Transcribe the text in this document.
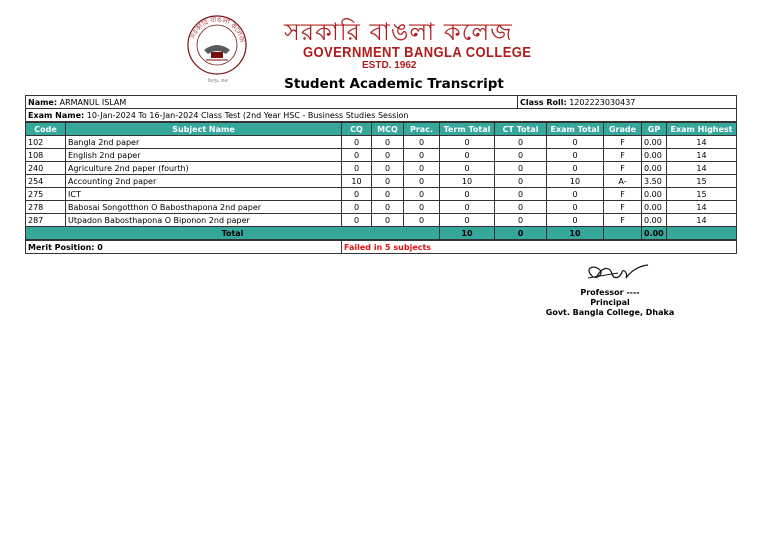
সরকারি বাঙলা কলেজ
মিরপুর, ঢাকা
সরকারি বাঙলা কলেজ
GOVERNMENT BANGLA COLLEGE
ESTD. 1962
Student Academic Transcript
Name: ARMANUL ISLAM	Class Roll: 1202223030437
Exam Name: 10-Jan-2024 To 16-Jan-2024 Class Test (2nd Year HSC - Business Studies Session
Code	Subject Name	CQ	MCQ	Prac.	Term Total	CT Total	Exam Total	Grade	GP	Exam Highest
102	Bangla 2nd paper	0	0	0	0	0	0	F	0.00	14
108	English 2nd paper	0	0	0	0	0	0	F	0.00	14
240	Agriculture 2nd paper (fourth)	0	0	0	0	0	0	F	0.00	14
254	Accounting 2nd paper	10	0	0	10	0	10	A-	3.50	15
275	ICT	0	0	0	0	0	0	F	0.00	15
278	Babosai Songotthon O Babosthapona 2nd paper	0	0	0	0	0	0	F	0.00	14
287	Utpadon Babosthapona O Biponon 2nd paper	0	0	0	0	0	0	F	0.00	14
Total					10	0	10		0.00	
Merit Position: 0	Failed in 5 subjects
Professor ----
Principal
Govt. Bangla College, Dhaka
